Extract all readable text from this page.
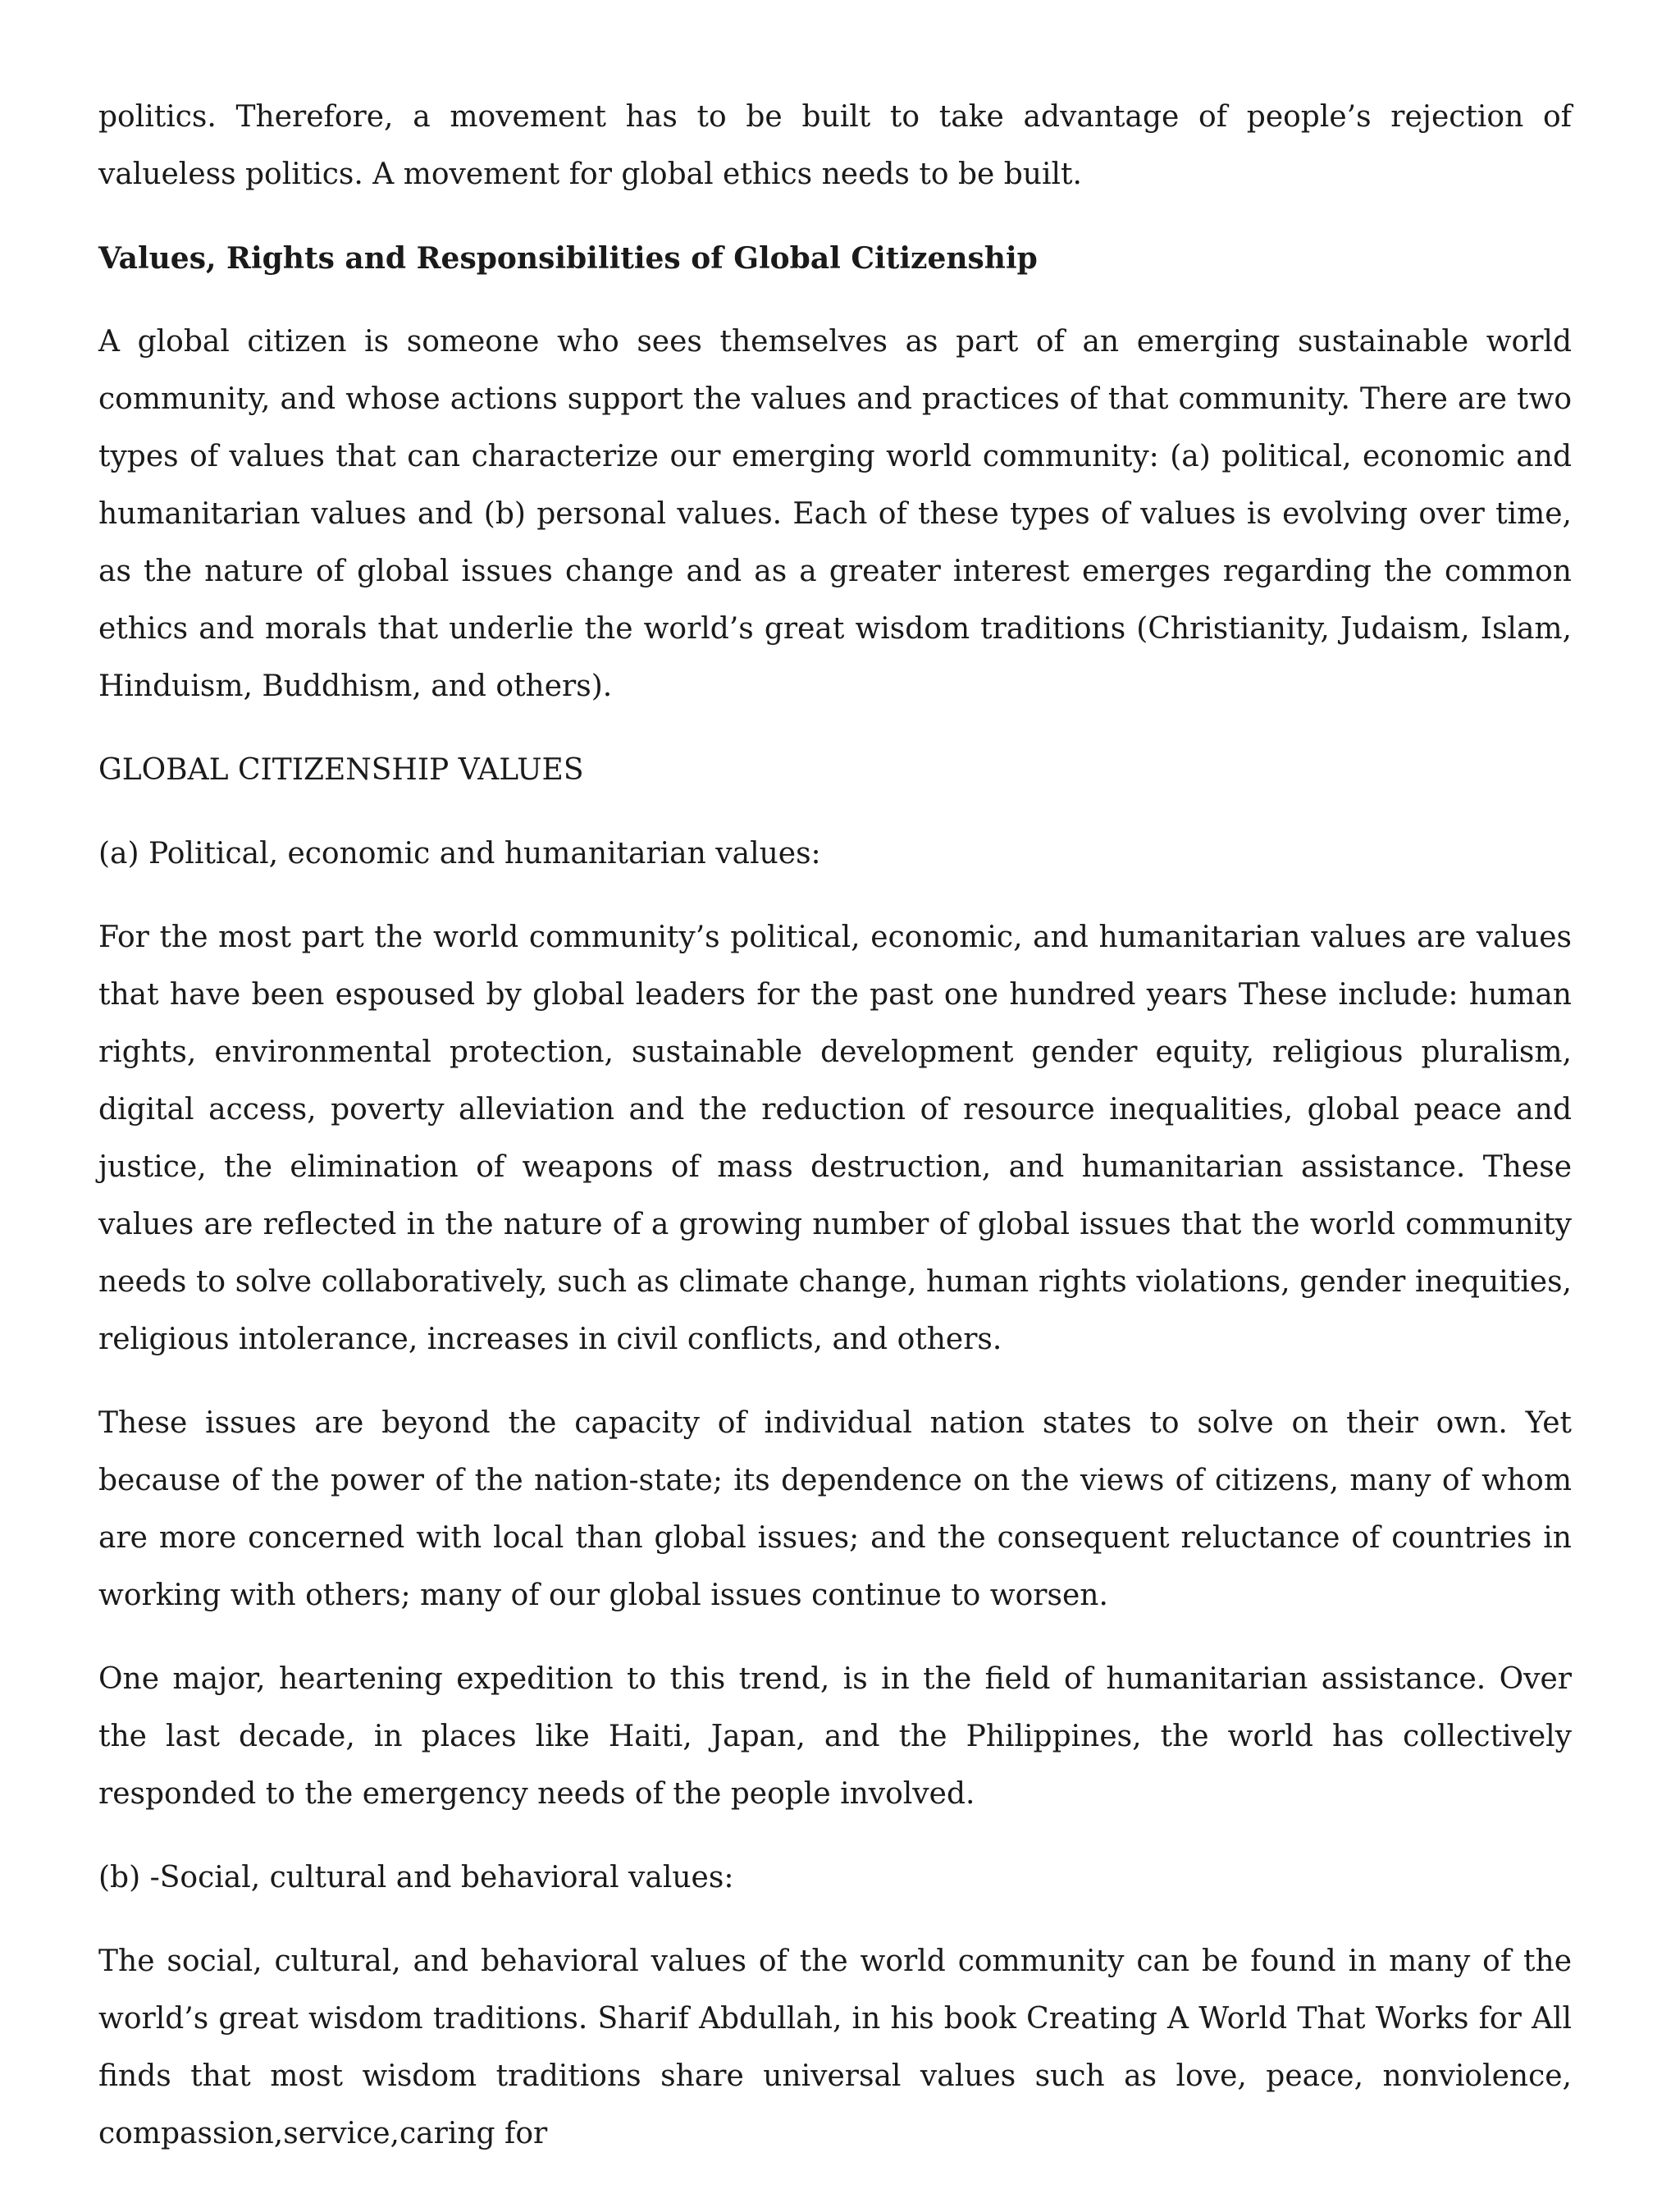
politics. Therefore, a movement has to be built to take advantage of people’s rejection of valueless politics. A movement for global ethics needs to be built.

Values, Rights and Responsibilities of Global Citizenship

A global citizen is someone who sees themselves as part of an emerging sustainable world community, and whose actions support the values and practices of that community. There are two types of values that can characterize our emerging world community: (a) political, economic and humanitarian values and (b) personal values. Each of these types of values is evolving over time, as the nature of global issues change and as a greater interest emerges regarding the common ethics and morals that underlie the world’s great wisdom traditions (Christianity, Judaism, Islam, Hinduism, Buddhism, and others).

GLOBAL CITIZENSHIP VALUES

(a) Political, economic and humanitarian values:

For the most part the world community’s political, economic, and humanitarian values are values that have been espoused by global leaders for the past one hundred years These include: human rights, environmental protection, sustainable development gender equity, religious pluralism, digital access, poverty alleviation and the reduction of resource inequalities, global peace and justice, the elimination of weapons of mass destruction, and humanitarian assistance. These values are reflected in the nature of a growing number of global issues that the world community needs to solve collaboratively, such as climate change, human rights violations, gender inequities, religious intolerance, increases in civil conflicts, and others.

These issues are beyond the capacity of individual nation states to solve on their own. Yet because of the power of the nation-state; its dependence on the views of citizens, many of whom are more concerned with local than global issues; and the consequent reluctance of countries in working with others; many of our global issues continue to worsen.

One major, heartening expedition to this trend, is in the field of humanitarian assistance. Over the last decade, in places like Haiti, Japan, and the Philippines, the world has collectively responded to the emergency needs of the people involved.

(b) -Social, cultural and behavioral values:

The social, cultural, and behavioral values of the world community can be found in many of the world’s great wisdom traditions. Sharif Abdullah, in his book Creating A World That Works for All finds that most wisdom traditions share universal values such as love, peace, nonviolence, compassion,service,caring for
